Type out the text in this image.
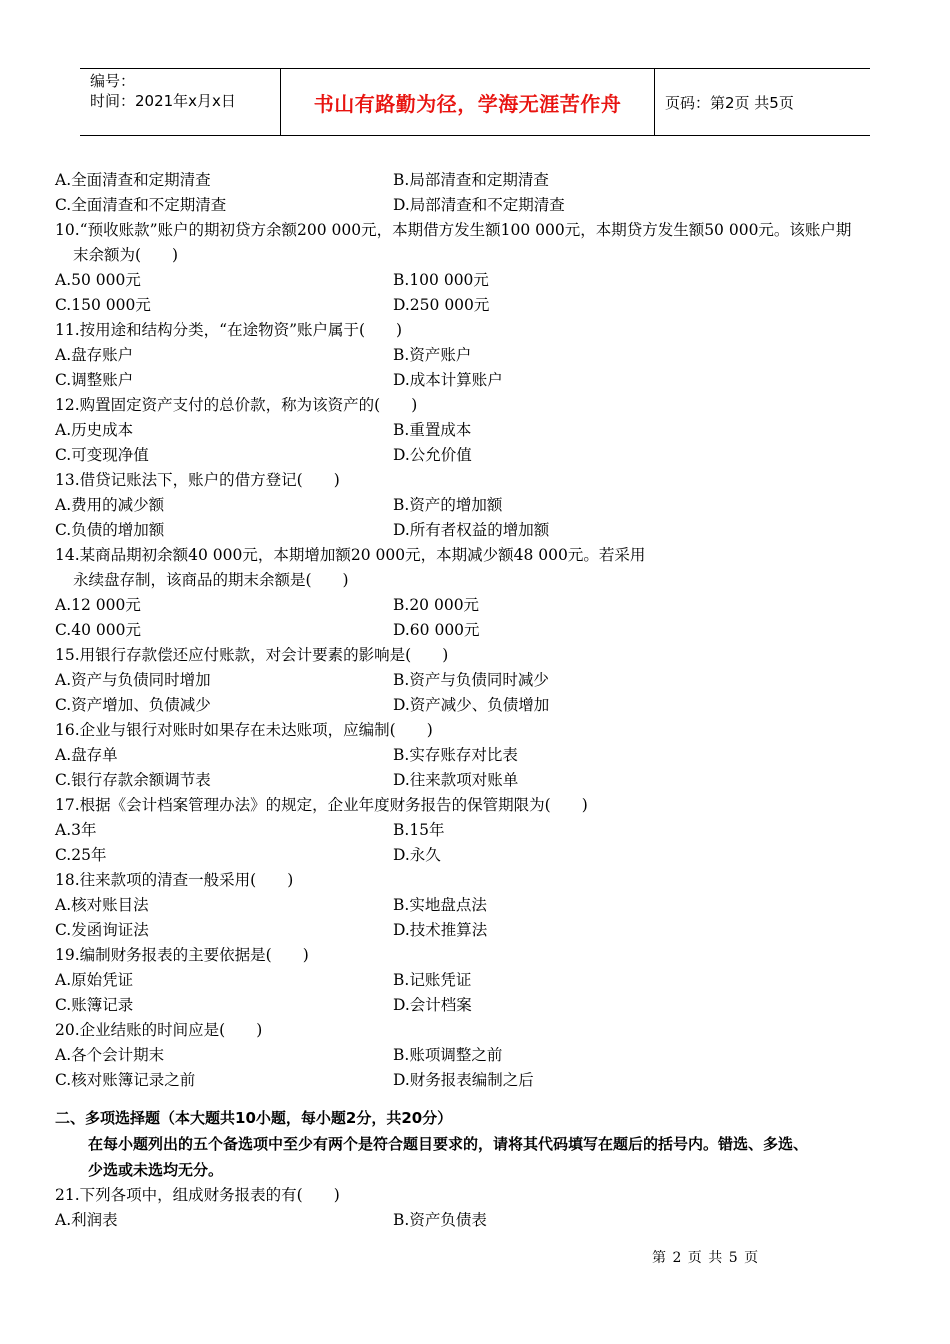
编号：
时间：2021年x月x日	书山有路勤为径，学海无涯苦作舟	页码：第2页 共5页
A.全面清查和定期清查	B.局部清查和定期清查
C.全面清查和不定期清查	D.局部清查和不定期清查
10.“预收账款”账户的期初贷方余额200 000元，本期借方发生额100 000元，本期贷方发生额50 000元。该账户期
末余额为(　　)
A.50 000元	B.100 000元
C.150 000元	D.250 000元
11.按用途和结构分类，“在途物资”账户属于(　　)
A.盘存账户	B.资产账户
C.调整账户	D.成本计算账户
12.购置固定资产支付的总价款，称为该资产的(　　)
A.历史成本	B.重置成本
C.可变现净值	D.公允价值
13.借贷记账法下，账户的借方登记(　　)
A.费用的减少额	B.资产的增加额
C.负债的增加额	D.所有者权益的增加额
14.某商品期初余额40 000元，本期增加额20 000元，本期减少额48 000元。若采用
永续盘存制，该商品的期末余额是(　　)
A.12 000元	B.20 000元
C.40 000元	D.60 000元
15.用银行存款偿还应付账款，对会计要素的影响是(　　)
A.资产与负债同时增加	B.资产与负债同时减少
C.资产增加、负债减少	D.资产减少、负债增加
16.企业与银行对账时如果存在未达账项，应编制(　　)
A.盘存单	B.实存账存对比表
C.银行存款余额调节表	D.往来款项对账单
17.根据《会计档案管理办法》的规定，企业年度财务报告的保管期限为(　　)
A.3年	B.15年
C.25年	D.永久
18.往来款项的清查一般采用(　　)
A.核对账目法	B.实地盘点法
C.发函询证法	D.技术推算法
19.编制财务报表的主要依据是(　　)
A.原始凭证	B.记账凭证
C.账簿记录	D.会计档案
20.企业结账的时间应是(　　)
A.各个会计期末	B.账项调整之前
C.核对账簿记录之前	D.财务报表编制之后
二、多项选择题（本大题共10小题，每小题2分，共20分）
在每小题列出的五个备选项中至少有两个是符合题目要求的，请将其代码填写在题后的括号内。错选、多选、
少选或未选均无分。
21.下列各项中，组成财务报表的有(　　)
A.利润表	B.资产负债表
第 2 页 共 5 页
